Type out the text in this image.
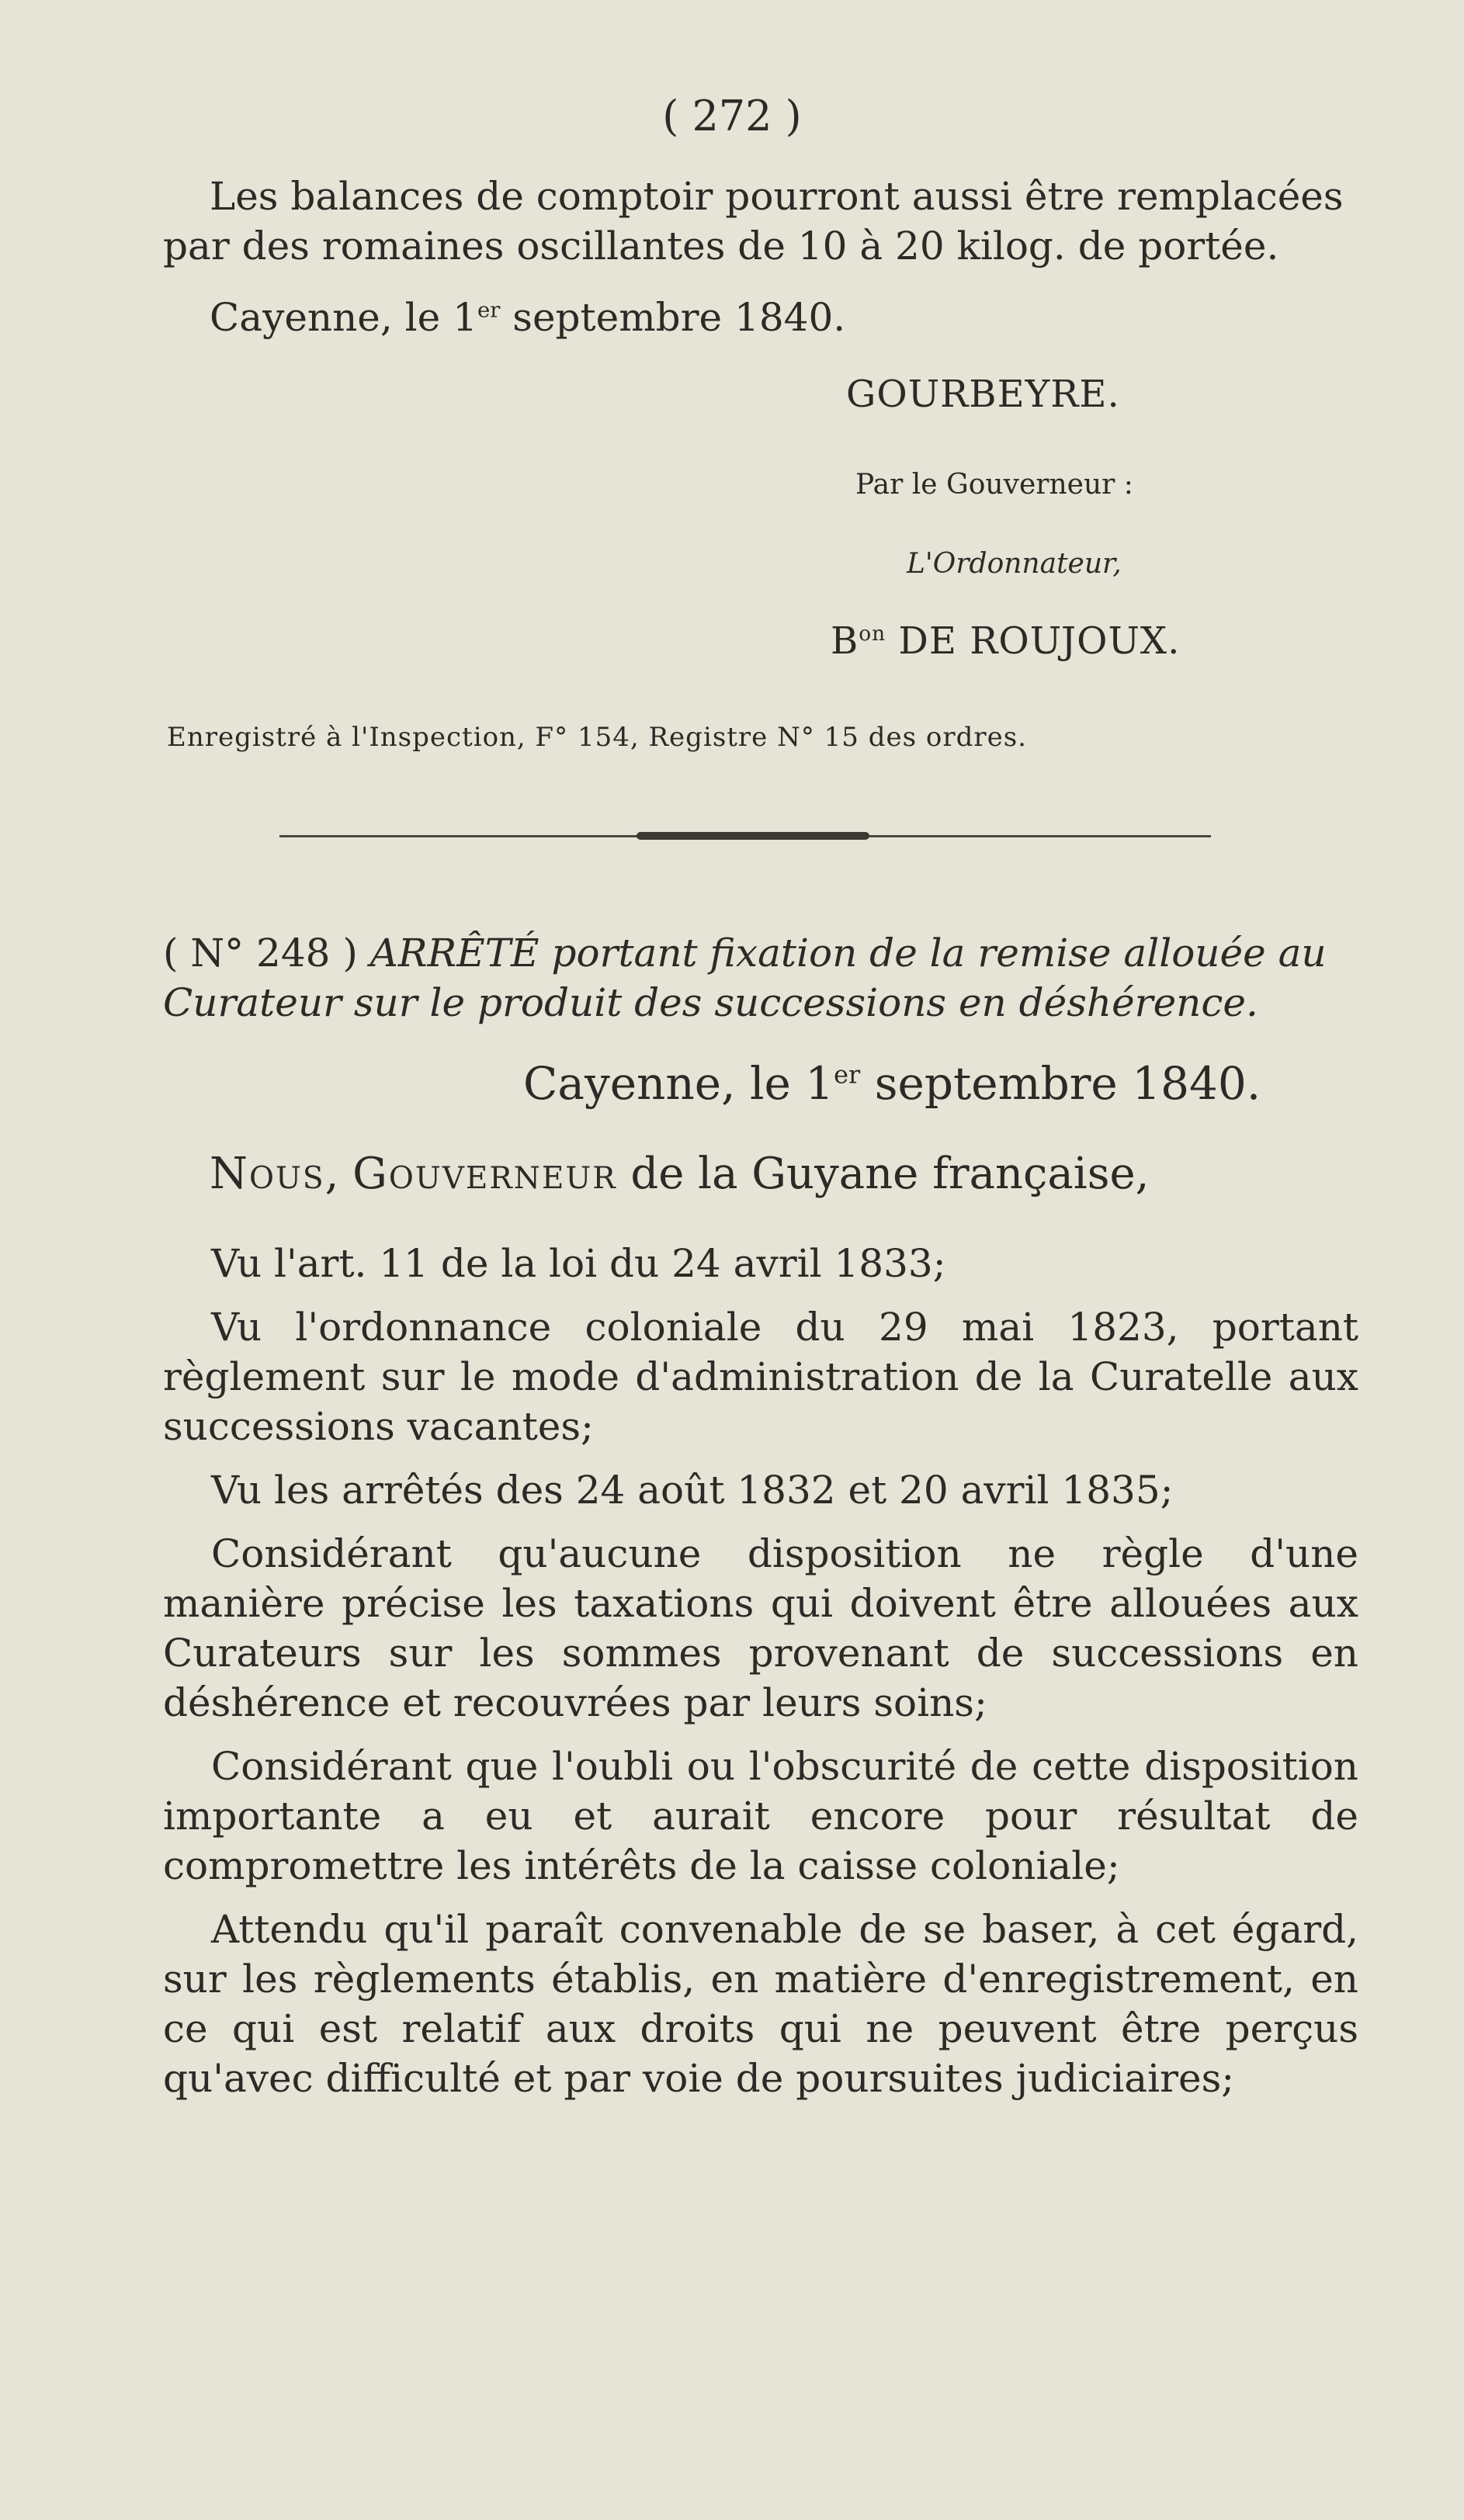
( 272 )
Les balances de comptoir pourront aussi être remplacées
par des romaines oscillantes de 10 à 20 kilog. de portée.
Cayenne, le 1er septembre 1840.
GOURBEYRE.
Par le Gouverneur :
L'Ordonnateur,
$B^{on}$ DE ROUJOUX.
Enregistré à l'Inspection, F° 154, Registre N° 15 des ordres.
( N° 248 ) ARRÊTÉ portant fixation de la remise allouée au Curateur sur le produit des successions en déshérence.
Cayenne, le 1er septembre 1840.
Nous, Gouverneur de la Guyane française,

Vu l'art. 11 de la loi du 24 avril 1833;

Vu l'ordonnance coloniale du 29 mai 1823, portant règlement sur le mode d'administration de la Curatelle aux successions vacantes;

Vu les arrêtés des 24 août 1832 et 20 avril 1835;

Considérant qu'aucune disposition ne règle d'une manière précise les taxations qui doivent être allouées aux Curateurs sur les sommes provenant de successions en déshérence et recouvrées par leurs soins;

Considérant que l'oubli ou l'obscurité de cette disposition importante a eu et aurait encore pour résultat de compromettre les intérêts de la caisse coloniale;

Attendu qu'il paraît convenable de se baser, à cet égard, sur les règlements établis, en matière d'enregistrement, en ce qui est relatif aux droits qui ne peuvent être perçus qu'avec difficulté et par voie de poursuites judiciaires;
